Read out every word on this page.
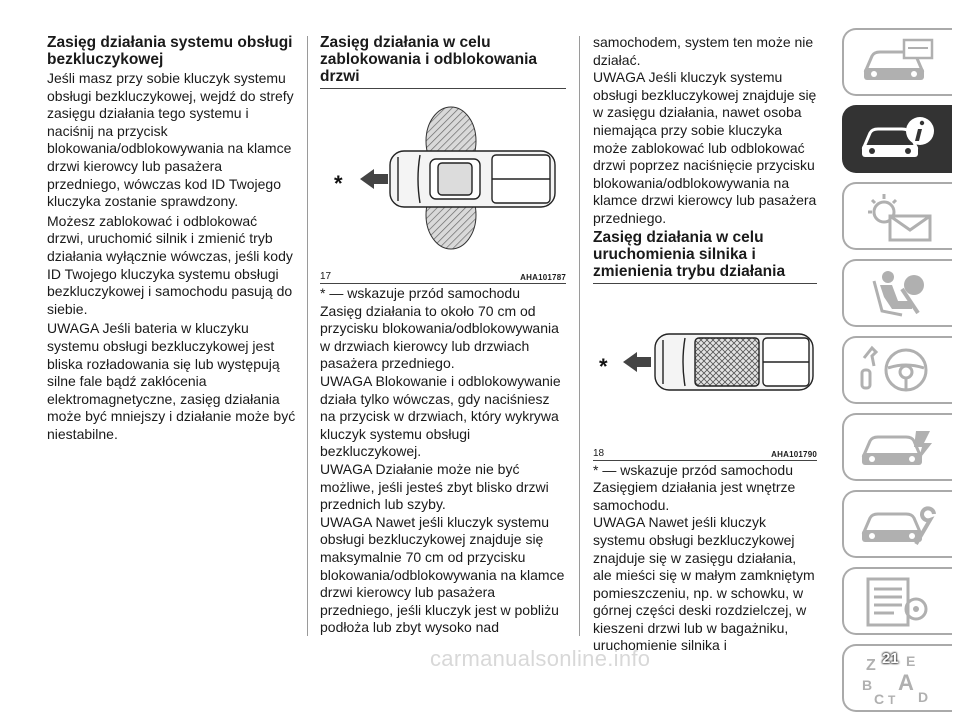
Zasięg działania systemu obsługi bezkluczykowej

Jeśli masz przy sobie kluczyk systemu obsługi bezkluczykowej, wejdź do strefy zasięgu działania tego systemu i naciśnij na przycisk blokowania/odblokowywania na klamce drzwi kierowcy lub pasażera przedniego, wówczas kod ID Twojego kluczyka zostanie sprawdzony.

Możesz zablokować i odblokować drzwi, uruchomić silnik i zmienić tryb działania wyłącznie wówczas, jeśli kody ID Twojego kluczyka systemu obsługi bezkluczykowej i samochodu pasują do siebie.

UWAGA Jeśli bateria w kluczyku systemu obsługi bezkluczykowej jest bliska rozładowania się lub występują silne fale bądź zakłócenia elektromagnetyczne, zasięg działania może być mniejszy i działanie może być niestabilne.

Zasięg działania w celu zablokowania i odblokowania drzwi
*
17	AHA101787

* — wskazuje przód samochodu

Zasięg działania to około 70 cm od przycisku blokowania/odblokowywania w drzwiach kierowcy lub drzwiach pasażera przedniego.

UWAGA Blokowanie i odblokowywanie działa tylko wówczas, gdy naciśniesz na przycisk w drzwiach, który wykrywa kluczyk systemu obsługi bezkluczykowej.

UWAGA Działanie może nie być możliwe, jeśli jesteś zbyt blisko drzwi przednich lub szyby.

UWAGA Nawet jeśli kluczyk systemu obsługi bezkluczykowej znajduje się maksymalnie 70 cm od przycisku blokowania/odblokowywania na klamce drzwi kierowcy lub pasażera przedniego, jeśli kluczyk jest w pobliżu podłoża lub zbyt wysoko nad

samochodem, system ten może nie działać.

UWAGA Jeśli kluczyk systemu obsługi bezkluczykowej znajduje się w zasięgu działania, nawet osoba niemająca przy sobie kluczyka może zablokować lub odblokować drzwi poprzez naciśnięcie przycisku blokowania/odblokowywania na klamce drzwi kierowcy lub pasażera przedniego.

Zasięg działania w celu uruchomienia silnika i zmienienia trybu działania
*
18	AHA101790

* — wskazuje przód samochodu

Zasięgiem działania jest wnętrze samochodu.

UWAGA Nawet jeśli kluczyk systemu obsługi bezkluczykowej znajduje się w zasięgu działania, ale mieści się w małym zamkniętym pomieszczeniu, np. w schowku, w górnej części deski rozdzielczej, w kieszeni drzwi lub w bagażniku, uruchomienie silnika i

Z E
B A
C T D
carmanualsonline.info	21
